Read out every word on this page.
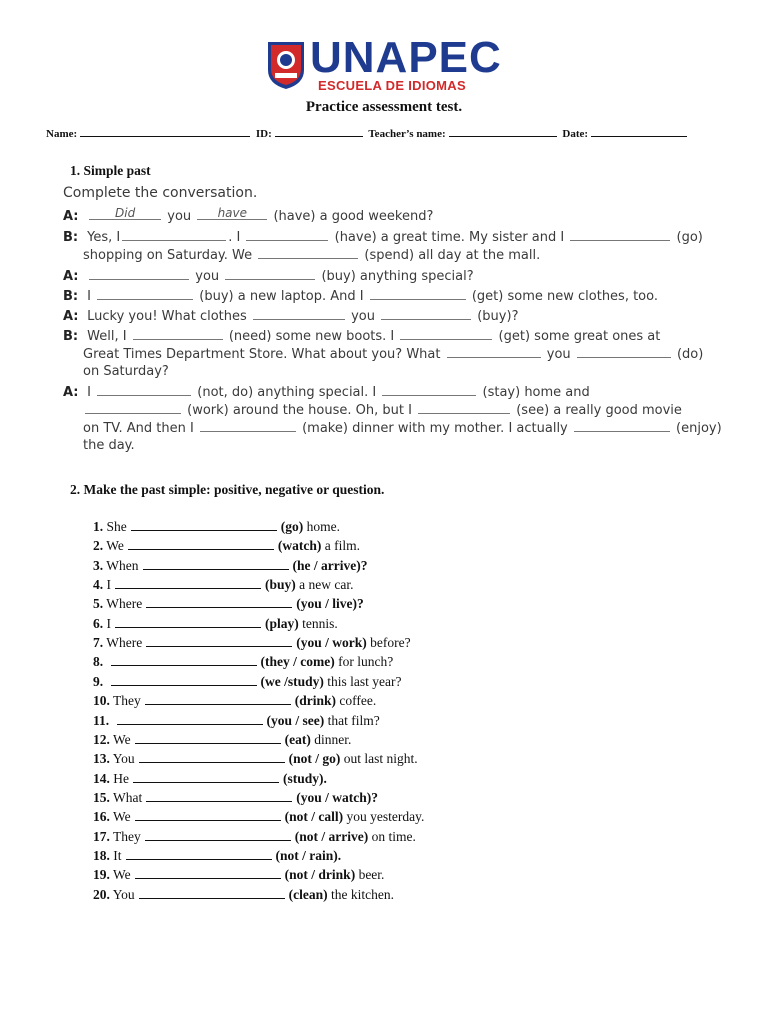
UNAPEC
ESCUELA DE IDIOMAS
Practice assessment test.
Name:	ID:	Teacher’s name:	Date:
1. Simple past
Complete the conversation.
A:	Did	you	have	(have) a good weekend?
B: Yes, I	. I	(have) a great time. My sister and I	(go)
shopping on Saturday. We	(spend) all day at the mall.
A:	you	(buy) anything special?
B: I	(buy) a new laptop. And I	(get) some new clothes, too.
A: Lucky you! What clothes	you	(buy)?
B: Well, I	(need) some new boots. I	(get) some great ones at
Great Times Department Store. What about you? What	you	(do)
on Saturday?
A: I	(not, do) anything special. I	(stay) home and
(work) around the house. Oh, but I	(see) a really good movie
on TV. And then I	(make) dinner with my mother. I actually	(enjoy)
the day.
2. Make the past simple: positive, negative or question.
1. She	(go) home.
2. We	(watch) a film.
3. When	(he / arrive)?
4. I	(buy) a new car.
5. Where	(you / live)?
6. I	(play) tennis.
7. Where	(you / work) before?
8.	(they / come) for lunch?
9.	(we /study) this last year?
10. They	(drink) coffee.
11.	(you / see) that film?
12. We	(eat) dinner.
13. You	(not / go) out last night.
14. He	(study).
15. What	(you / watch)?
16. We	(not / call) you yesterday.
17. They	(not / arrive) on time.
18. It	(not / rain).
19. We	(not / drink) beer.
20. You	(clean) the kitchen.
